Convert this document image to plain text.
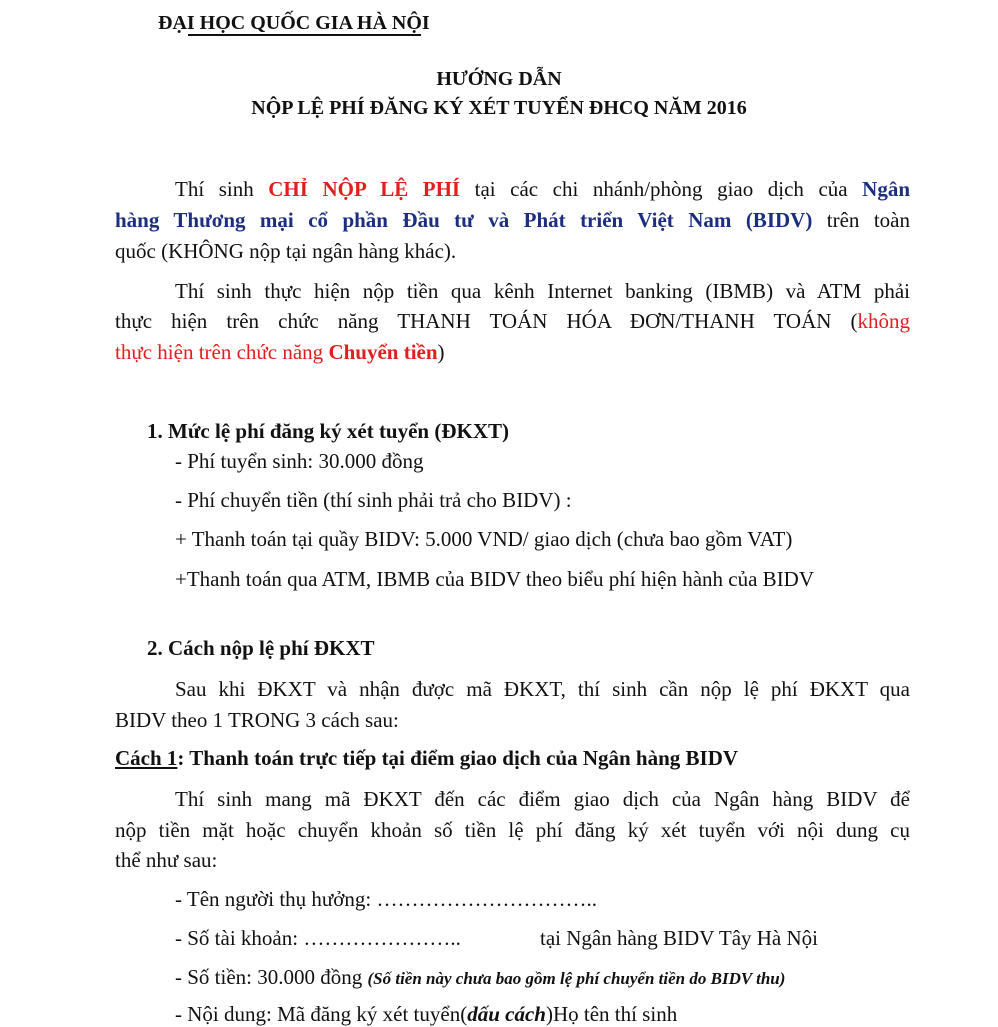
ĐẠI HỌC QUỐC GIA HÀ NỘI
HƯỚNG DẪN
NỘP LỆ PHÍ ĐĂNG KÝ XÉT TUYỂN ĐHCQ NĂM 2016
Thí sinh CHỈ NỘP LỆ PHÍ tại các chi nhánh/phòng giao dịch của Ngân
hàng Thương mại cổ phần Đầu tư và Phát triển Việt Nam (BIDV) trên toàn
quốc (KHÔNG nộp tại ngân hàng khác).
Thí sinh thực hiện nộp tiền qua kênh Internet banking (IBMB) và ATM phải
thực hiện trên chức năng THANH TOÁN HÓA ĐƠN/THANH TOÁN (không
thực hiện trên chức năng Chuyển tiền)
1. Mức lệ phí đăng ký xét tuyển (ĐKXT)
- Phí tuyển sinh: 30.000 đồng
- Phí chuyển tiền (thí sinh phải trả cho BIDV) :
+ Thanh toán tại quầy BIDV: 5.000 VND/ giao dịch (chưa bao gồm VAT)
+Thanh toán qua ATM, IBMB của BIDV theo biểu phí hiện hành của BIDV
2. Cách nộp lệ phí ĐKXT
Sau khi ĐKXT và nhận được mã ĐKXT, thí sinh cần nộp lệ phí ĐKXT qua
BIDV theo 1 TRONG 3 cách sau:
Cách 1: Thanh toán trực tiếp tại điểm giao dịch của Ngân hàng BIDV
Thí sinh mang mã ĐKXT đến các điểm giao dịch của Ngân hàng BIDV để
nộp tiền mặt hoặc chuyển khoản số tiền lệ phí đăng ký xét tuyển với nội dung cụ
thể như sau:
- Tên người thụ hưởng: …………………………..
- Số tài khoản: …………………..	tại Ngân hàng BIDV Tây Hà Nội
- Số tiền: 30.000 đồng (Số tiền này chưa bao gồm lệ phí chuyển tiền do BIDV thu)
- Nội dung: Mã đăng ký xét tuyển(dấu cách)Họ tên thí sinh
